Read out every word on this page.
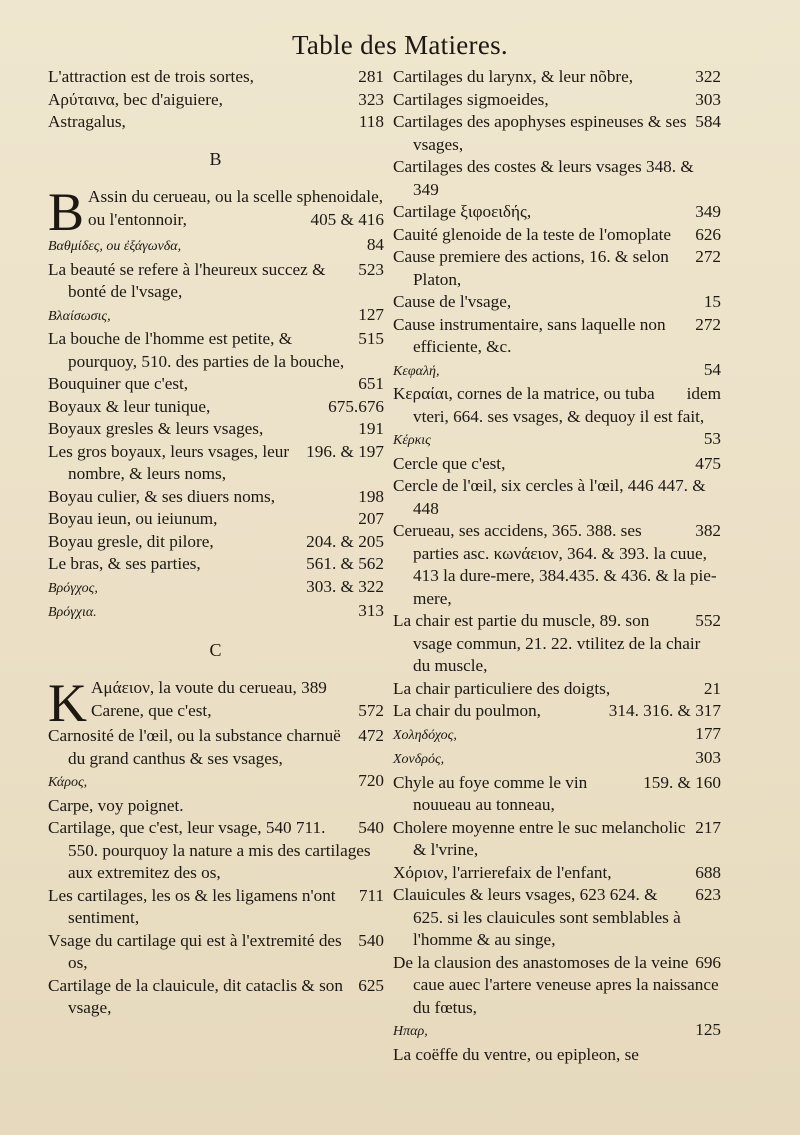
Table des Matieres.
281
L'attraction est de trois sortes,
323
Αρύταινα, bec d'aiguiere,
118
Astragalus,
B
B Assin du cerueau, ou la scelle sphenoidale, ou l'entonnoir,	405 & 416
84
Βαθμίδες, ou ἐξάγωνδα,
523
La beauté se refere à l'heureux succez & bonté de l'vsage,
127
Βλαίσωσις,
515
La bouche de l'homme est petite, & pourquoy, 510. des parties de la bouche,
651
Bouquiner que c'est,
675.676
Boyaux & leur tunique,
191
Boyaux gresles & leurs vsages,
196. & 197
Les gros boyaux, leurs vsages, leur nombre, & leurs noms,
198
Boyau culier, & ses diuers noms,
207
Boyau ieun, ou ieiunum,
204. & 205
Boyau gresle, dit pilore,
561. & 562
Le bras, & ses parties,
303. & 322
Βρόγχος,
313
Βρόγχια.
C
K Αμάειον, la voute du cerueau, 389 Carene, que c'est,	572
472
Carnosité de l'œil, ou la substance charnuë du grand canthus & ses vsages,
720
Κάρος,
Carpe, voy poignet.
540
Cartilage, que c'est, leur vsage, 540 711. 550. pourquoy la nature a mis des cartilages aux extremitez des os,
711
Les cartilages, les os & les ligamens n'ont sentiment,
540
Vsage du cartilage qui est à l'extremité des os,
625
Cartilage de la clauicule, dit cataclis & son vsage,
322
Cartilages du larynx, & leur nõbre,
303
Cartilages sigmoeides,
584
Cartilages des apophyses espineuses & ses vsages,
Cartilages des costes & leurs vsages 348. & 349
349
Cartilage ξιφοειδής,
626
Cauité glenoide de la teste de l'omoplate
272
Cause premiere des actions, 16. & selon Platon,
15
Cause de l'vsage,
272
Cause instrumentaire, sans laquelle non efficiente, &c.
54
Κεφαλή,
idem
Κεραίαι, cornes de la matrice, ou tuba vteri, 664. ses vsages, & dequoy il est fait,
53
Κέρκις
475
Cercle que c'est,
Cercle de l'œil, six cercles à l'œil, 446 447. & 448
382
Cerueau, ses accidens, 365. 388. ses parties asc. κωνάειον, 364. & 393. la cuue, 413 la dure-mere, 384.435. & 436. & la pie-mere,
552
La chair est partie du muscle, 89. son vsage commun, 21. 22. vtilitez de la chair du muscle,
21
La chair particuliere des doigts,
314. 316. & 317
La chair du poulmon,
177
Χοληδόχος,
303
Χονδρός,
159. & 160
Chyle au foye comme le vin nouueau au tonneau,
217
Cholere moyenne entre le suc melancholic & l'vrine,
688
Χόριον, l'arrierefaix de l'enfant,
623
Clauicules & leurs vsages, 623 624. & 625. si les clauicules sont semblables à l'homme & au singe,
696
De la clausion des anastomoses de la veine caue auec l'artere veneuse apres la naissance du fœtus,
125
Ηπαρ,
La coëffe du ventre, ou epipleon, se
